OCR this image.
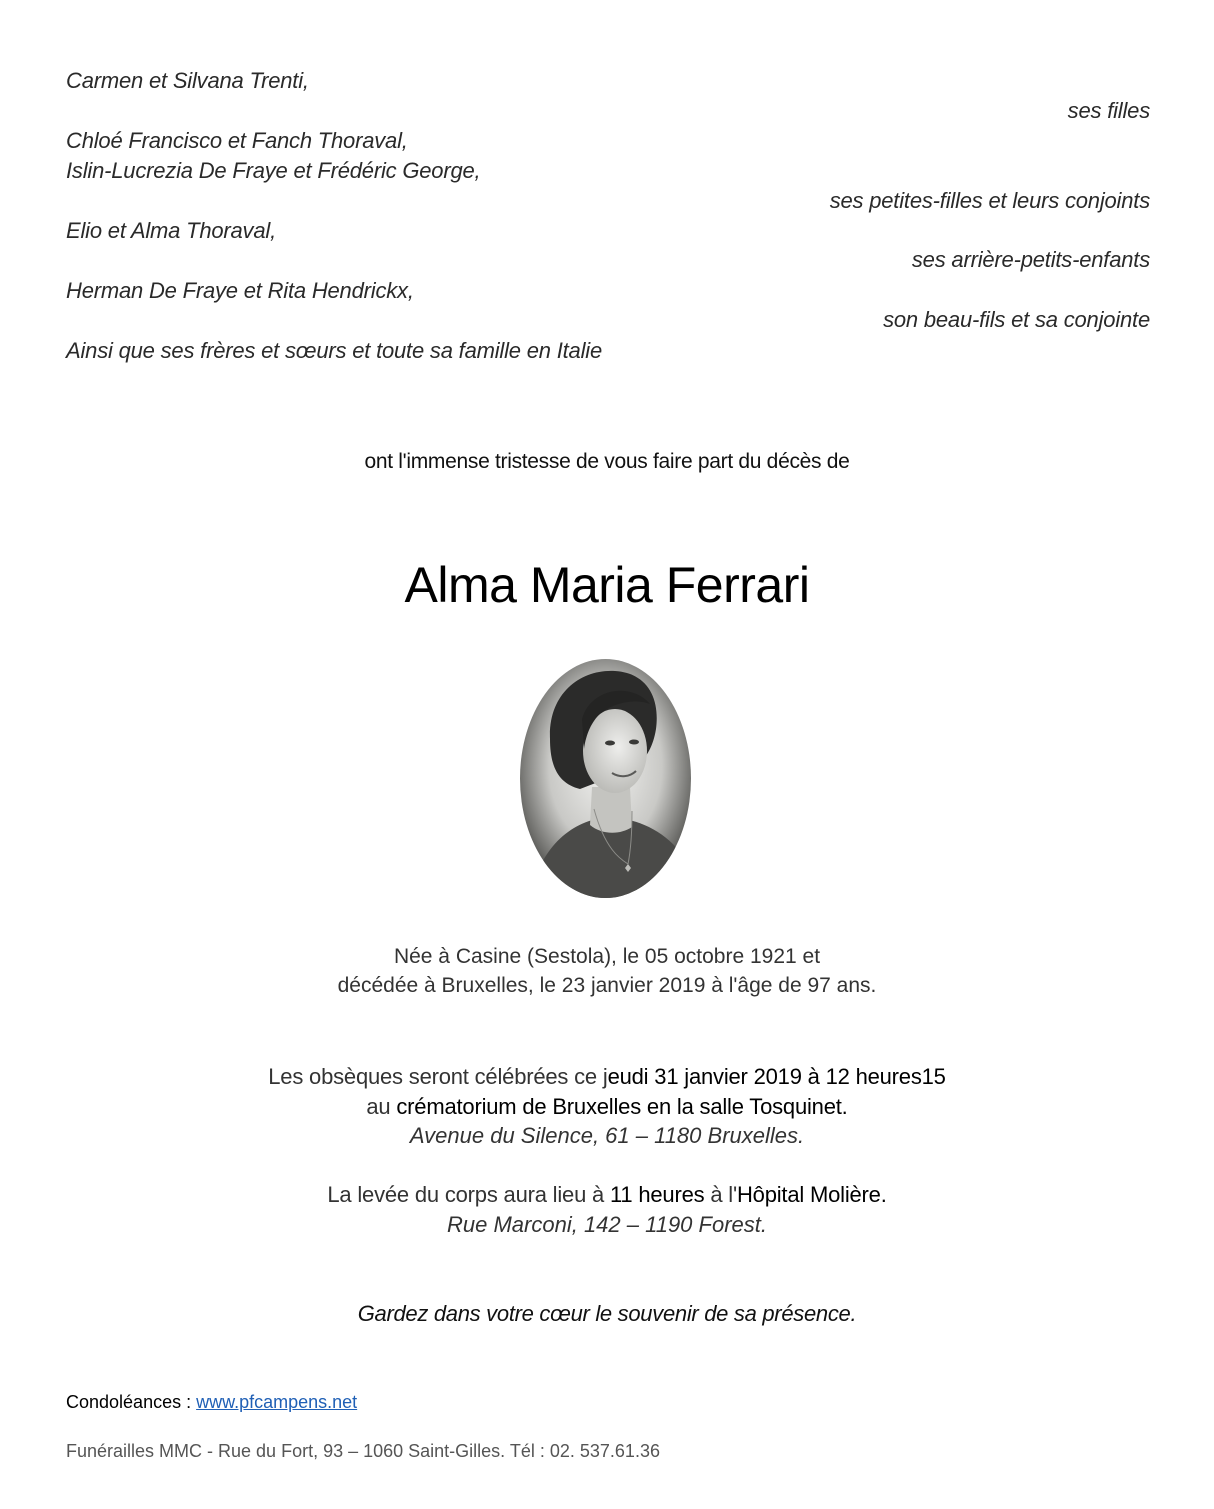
Carmen et Silvana Trenti,
ses filles
Chloé Francisco et Fanch Thoraval,
Islin-Lucrezia De Fraye et Frédéric George,
ses petites-filles et leurs conjoints
Elio et Alma Thoraval,
ses arrière-petits-enfants
Herman De Fraye et Rita Hendrickx,
son beau-fils et sa conjointe
Ainsi que ses frères et sœurs et toute sa famille en Italie
ont l'immense tristesse de vous faire part du décès de
Alma Maria Ferrari
Née à Casine (Sestola), le 05 octobre 1921 et
décédée à Bruxelles, le 23 janvier 2019 à l'âge de 97 ans.
Les obsèques seront célébrées ce jeudi 31 janvier 2019 à 12 heures15
au crématorium de Bruxelles en la salle Tosquinet.
Avenue du Silence, 61 – 1180 Bruxelles.
La levée du corps aura lieu à 11 heures à l'Hôpital Molière.
Rue Marconi, 142 – 1190 Forest.
Gardez dans votre cœur le souvenir de sa présence.
Condoléances : www.pfcampens.net
Funérailles MMC - Rue du Fort, 93 – 1060 Saint-Gilles. Tél : 02. 537.61.36
